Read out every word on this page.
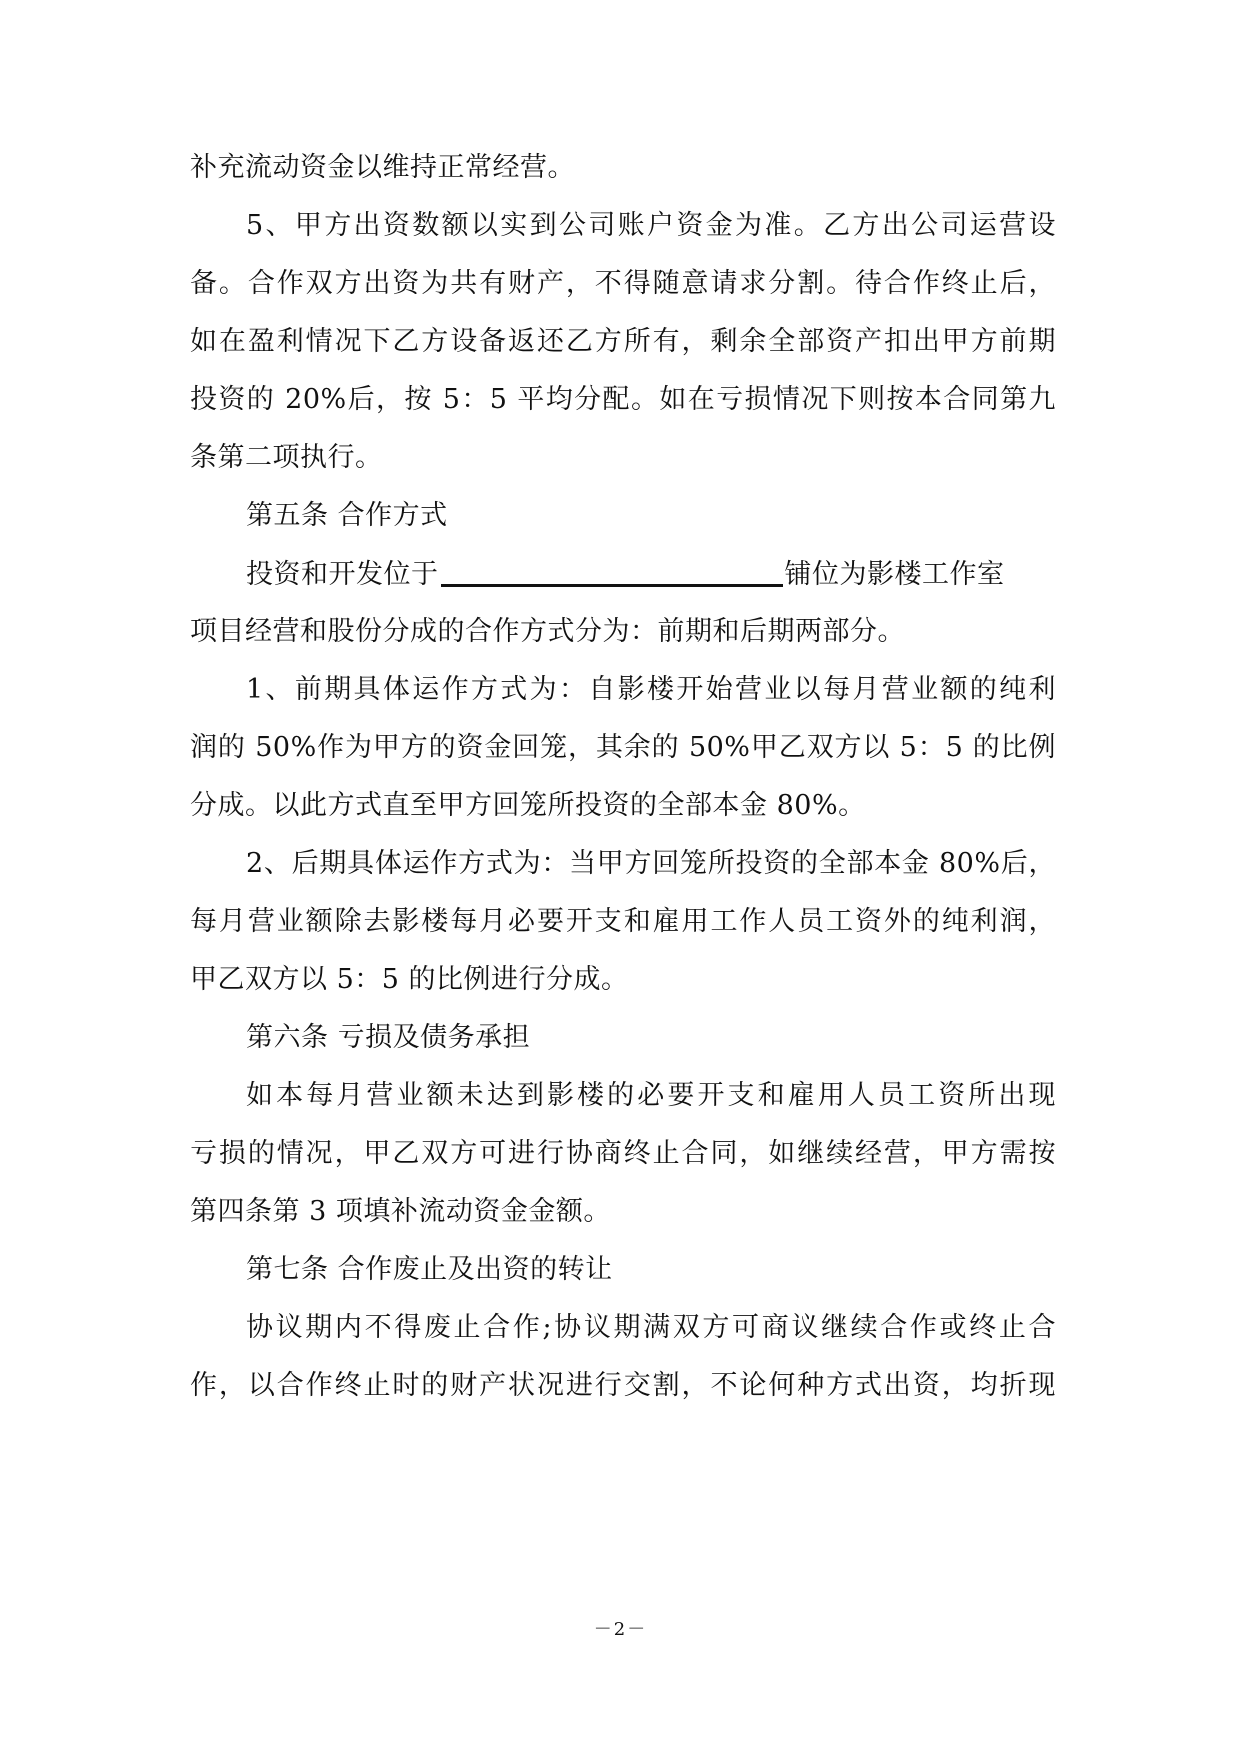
补充流动资金以维持正常经营。
5、甲方出资数额以实到公司账户资金为准。乙方出公司运营设
备。合作双方出资为共有财产，不得随意请求分割。待合作终止后，
如在盈利情况下乙方设备返还乙方所有，剩余全部资产扣出甲方前期
投资的 20%后，按 5：5 平均分配。如在亏损情况下则按本合同第九
条第二项执行。
第五条 合作方式
投资和开发位于	铺位为影楼工作室
项目经营和股份分成的合作方式分为：前期和后期两部分。
1、前期具体运作方式为：自影楼开始营业以每月营业额的纯利
润的 50%作为甲方的资金回笼，其余的 50%甲乙双方以 5：5 的比例
分成。以此方式直至甲方回笼所投资的全部本金 80%。
2、后期具体运作方式为：当甲方回笼所投资的全部本金 80%后，
每月营业额除去影楼每月必要开支和雇用工作人员工资外的纯利润，
甲乙双方以 5：5 的比例进行分成。
第六条 亏损及债务承担
如本每月营业额未达到影楼的必要开支和雇用人员工资所出现
亏损的情况，甲乙双方可进行协商终止合同，如继续经营，甲方需按
第四条第 3 项填补流动资金金额。
第七条 合作废止及出资的转让
协议期内不得废止合作;协议期满双方可商议继续合作或终止合
作，以合作终止时的财产状况进行交割，不论何种方式出资，均折现
－2－
